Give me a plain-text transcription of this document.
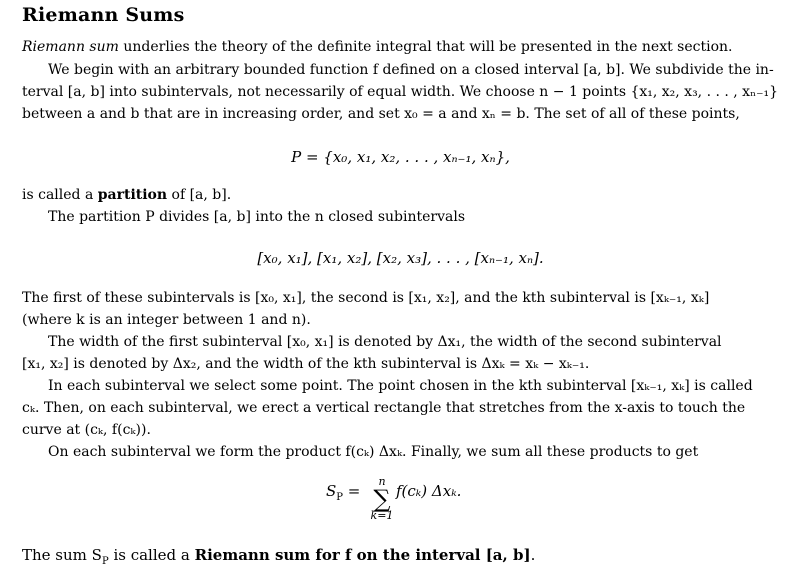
Riemann Sums
Riemann sum underlies the theory of the definite integral that will be presented in the next section.
We begin with an arbitrary bounded function f defined on a closed interval [a, b]. We subdivide the in-
terval [a, b] into subintervals, not necessarily of equal width. We choose n − 1 points {x₁, x₂, x₃, . . . , xₙ₋₁}
between a and b that are in increasing order, and set x₀ = a and xₙ = b. The set of all of these points,
P = {x₀, x₁, x₂, . . . , xₙ₋₁, xₙ},
is called a partition of [a, b].
The partition P divides [a, b] into the n closed subintervals
[x₀, x₁], [x₁, x₂], [x₂, x₃], . . . , [xₙ₋₁, xₙ].
The first of these subintervals is [x₀, x₁], the second is [x₁, x₂], and the kth subinterval is [xₖ₋₁, xₖ]
(where k is an integer between 1 and n).
The width of the first subinterval [x₀, x₁] is denoted by Δx₁, the width of the second subinterval
[x₁, x₂] is denoted by Δx₂, and the width of the kth subinterval is Δxₖ = xₖ − xₖ₋₁.
In each subinterval we select some point. The point chosen in the kth subinterval [xₖ₋₁, xₖ] is called
cₖ. Then, on each subinterval, we erect a vertical rectangle that stretches from the x-axis to touch the
curve at (cₖ, f(cₖ)).
On each subinterval we form the product f(cₖ) Δxₖ. Finally, we sum all these products to get
$S_P$ =
n
∑
k=1
f(cₖ) Δxₖ.
The sum $S_P$ is called a Riemann sum for f on the interval [a, b].
